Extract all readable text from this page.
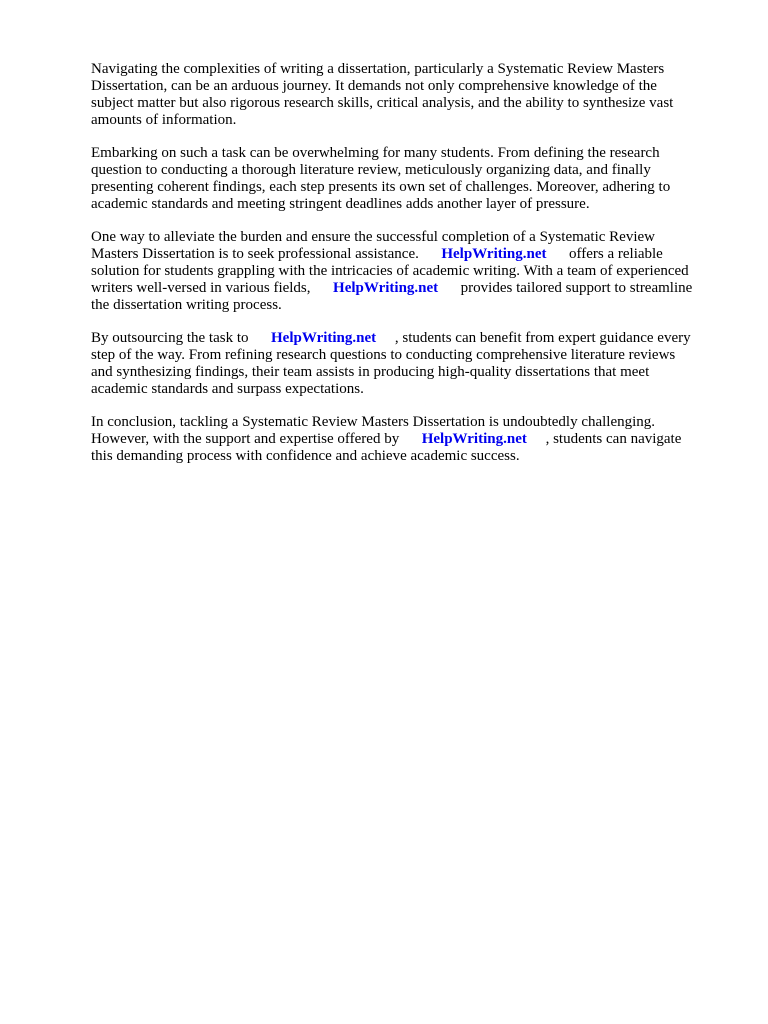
Navigating the complexities of writing a dissertation, particularly a Systematic Review Masters
Dissertation, can be an arduous journey. It demands not only comprehensive knowledge of the
subject matter but also rigorous research skills, critical analysis, and the ability to synthesize vast
amounts of information.

Embarking on such a task can be overwhelming for many students. From defining the research
question to conducting a thorough literature review, meticulously organizing data, and finally
presenting coherent findings, each step presents its own set of challenges. Moreover, adhering to
academic standards and meeting stringent deadlines adds another layer of pressure.

One way to alleviate the burden and ensure the successful completion of a Systematic Review
Masters Dissertation is to seek professional assistance.      HelpWriting.net      offers a reliable
solution for students grappling with the intricacies of academic writing. With a team of experienced
writers well-versed in various fields,      HelpWriting.net      provides tailored support to streamline
the dissertation writing process.

By outsourcing the task to      HelpWriting.net     , students can benefit from expert guidance every
step of the way. From refining research questions to conducting comprehensive literature reviews
and synthesizing findings, their team assists in producing high-quality dissertations that meet
academic standards and surpass expectations.

In conclusion, tackling a Systematic Review Masters Dissertation is undoubtedly challenging.
However, with the support and expertise offered by      HelpWriting.net     , students can navigate
this demanding process with confidence and achieve academic success.
